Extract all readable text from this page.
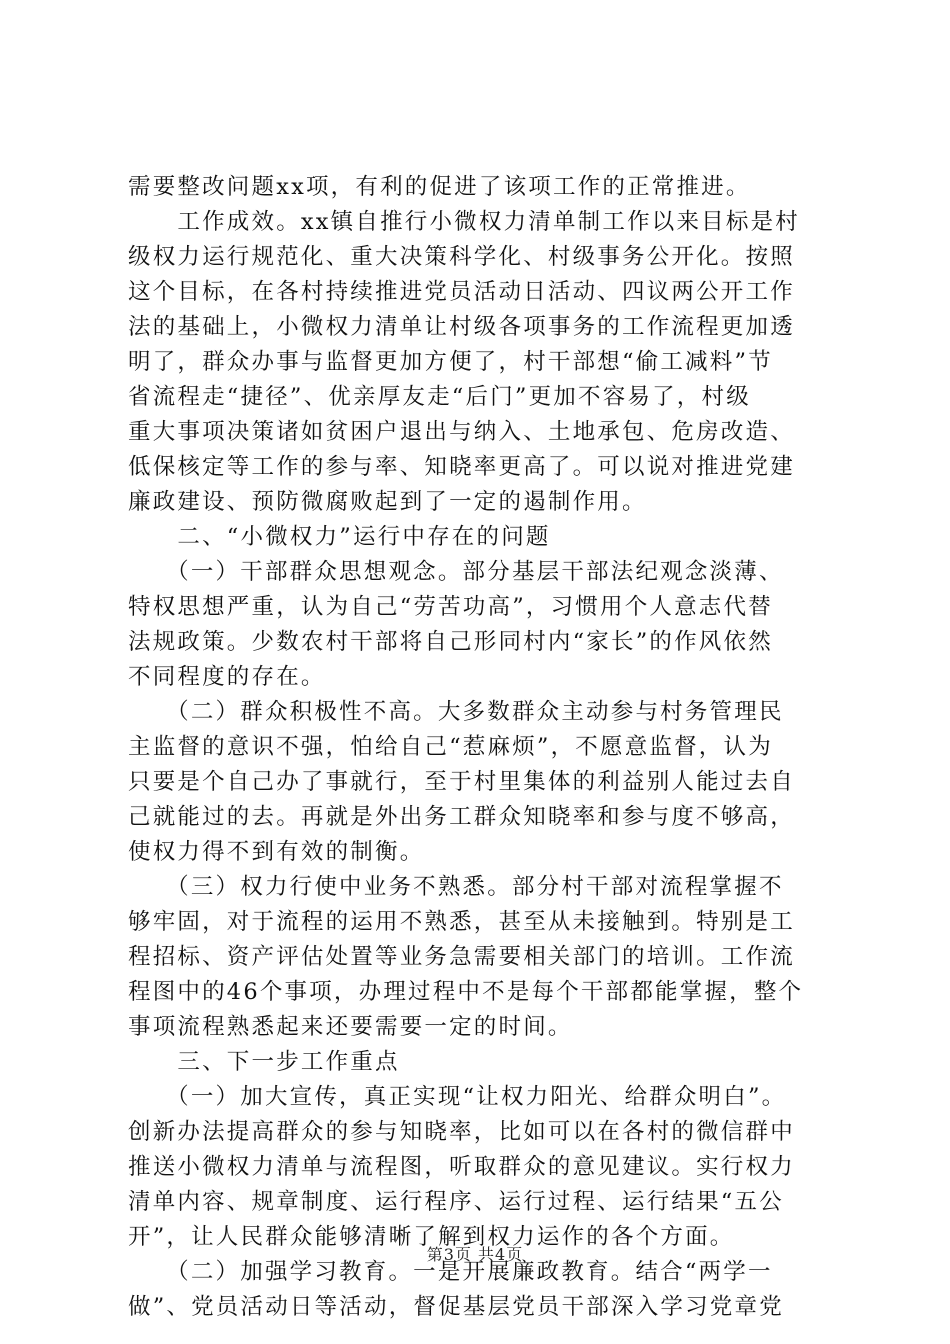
需要整改问题xx项，有利的促进了该项工作的正常推进。
　　工作成效。xx镇自推行小微权力清单制工作以来目标是村
级权力运行规范化、重大决策科学化、村级事务公开化。按照
这个目标，在各村持续推进党员活动日活动、四议两公开工作
法的基础上，小微权力清单让村级各项事务的工作流程更加透
明了，群众办事与监督更加方便了，村干部想“偷工减料”节
省流程走“捷径”、优亲厚友走“后门”更加不容易了，村级
重大事项决策诸如贫困户退出与纳入、土地承包、危房改造、
低保核定等工作的参与率、知晓率更高了。可以说对推进党建
廉政建设、预防微腐败起到了一定的遏制作用。
　　二、“小微权力”运行中存在的问题
　　（一）干部群众思想观念。部分基层干部法纪观念淡薄、
特权思想严重，认为自己“劳苦功高”，习惯用个人意志代替
法规政策。少数农村干部将自己形同村内“家长”的作风依然
不同程度的存在。
　　（二）群众积极性不高。大多数群众主动参与村务管理民
主监督的意识不强，怕给自己“惹麻烦”，不愿意监督，认为
只要是个自己办了事就行，至于村里集体的利益别人能过去自
己就能过的去。再就是外出务工群众知晓率和参与度不够高，
使权力得不到有效的制衡。
　　（三）权力行使中业务不熟悉。部分村干部对流程掌握不
够牢固，对于流程的运用不熟悉，甚至从未接触到。特别是工
程招标、资产评估处置等业务急需要相关部门的培训。工作流
程图中的46个事项，办理过程中不是每个干部都能掌握，整个
事项流程熟悉起来还要需要一定的时间。
　　三、下一步工作重点
　　（一）加大宣传，真正实现“让权力阳光、给群众明白”。
创新办法提高群众的参与知晓率，比如可以在各村的微信群中
推送小微权力清单与流程图，听取群众的意见建议。实行权力
清单内容、规章制度、运行程序、运行过程、运行结果“五公
开”，让人民群众能够清晰了解到权力运作的各个方面。
　　（二）加强学习教育。一是开展廉政教育。结合“两学一
做”、党员活动日等活动，督促基层党员干部深入学习党章党
第3页 共4页
